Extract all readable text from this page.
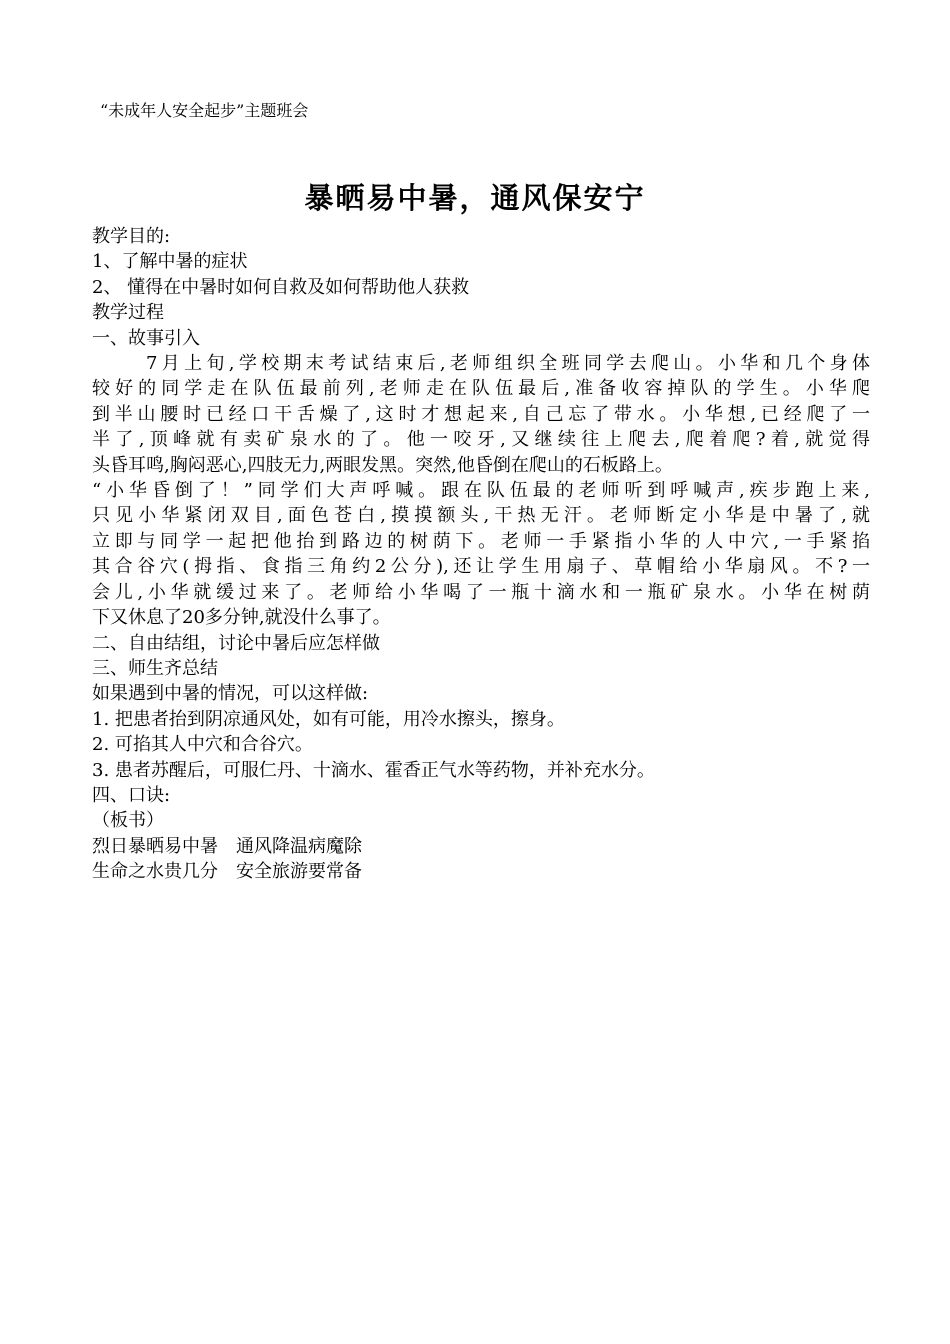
“未成年人安全起步”主题班会
暴晒易中暑，通风保安宁
教学目的:
1、了解中暑的症状
2、 懂得在中暑时如何自救及如何帮助他人获救
教学过程
一、故事引入
7月上旬,学校期末考试结束后,老师组织全班同学去爬山。小华和几个身体
较好的同学走在队伍最前列,老师走在队伍最后,准备收容掉队的学生。小华爬
到半山腰时已经口干舌燥了,这时才想起来,自己忘了带水。小华想,已经爬了一
半了,顶峰就有卖矿泉水的了。他一咬牙,又继续往上爬去,爬着爬?着,就觉得
头昏耳鸣,胸闷恶心,四肢无力,两眼发黑。突然,他昏倒在爬山的石板路上。
“小华昏倒了！”同学们大声呼喊。跟在队伍最的老师听到呼喊声,疾步跑上来,
只见小华紧闭双目,面色苍白,摸摸额头,干热无汗。老师断定小华是中暑了,就
立即与同学一起把他抬到路边的树荫下。老师一手紧指小华的人中穴,一手紧掐
其合谷穴(拇指、食指三角约2公分),还让学生用扇子、草帽给小华扇风。不?一
会儿,小华就缓过来了。老师给小华喝了一瓶十滴水和一瓶矿泉水。小华在树荫
下又休息了20多分钟,就没什么事了。
二、自由结组，讨论中暑后应怎样做
三、师生齐总结
如果遇到中暑的情况，可以这样做:
1. 把患者抬到阴凉通风处，如有可能，用冷水擦头，擦身。
2. 可掐其人中穴和合谷穴。
3. 患者苏醒后，可服仁丹、十滴水、霍香正气水等药物，并补充水分。
四、口诀:
（板书）
烈日暴晒易中暑　通风降温病魔除
生命之水贵几分　安全旅游要常备
